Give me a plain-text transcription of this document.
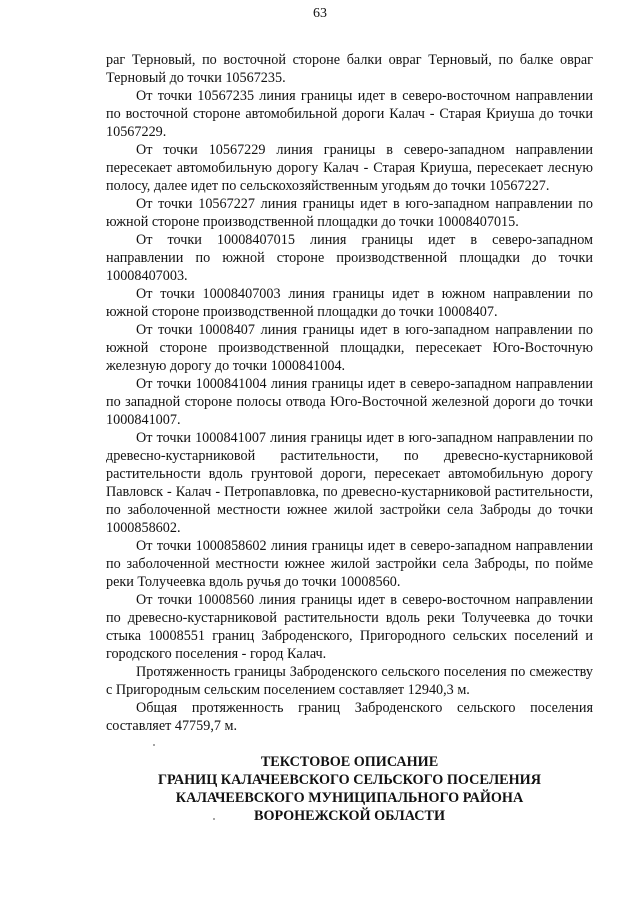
63

раг Терновый, по восточной стороне балки овраг Терновый, по балке овраг Терновый до точки 10567235.

От точки 10567235 линия границы идет в северо-восточном направлении по восточной стороне автомобильной дороги Калач - Старая Криуша до точки 10567229.

От точки 10567229 линия границы в северо-западном направлении пересекает автомобильную дорогу Калач - Старая Криуша, пересекает лесную полосу, далее идет по сельскохозяйственным угодьям до точки 10567227.

От точки 10567227 линия границы идет в юго-западном направлении по южной стороне производственной площадки до точки 10008407015.

От точки 10008407015 линия границы идет в северо-западном направлении по южной стороне производственной площадки до точки 10008407003.

От точки 10008407003 линия границы идет в южном направлении по южной стороне производственной площадки до точки 10008407.

От точки 10008407 линия границы идет в юго-западном направлении по южной стороне производственной площадки, пересекает Юго-Восточную железную дорогу до точки 1000841004.

От точки 1000841004 линия границы идет в северо-западном направлении по западной стороне полосы отвода Юго-Восточной железной дороги до точки 1000841007.

От точки 1000841007 линия границы идет в юго-западном направлении по древесно-кустарниковой растительности, по древесно-кустарниковой растительности вдоль грунтовой дороги, пересекает автомобильную дорогу Павловск - Калач - Петропавловка, по древесно-кустарниковой растительности, по заболоченной местности южнее жилой застройки села Заброды до точки 1000858602.

От точки 1000858602 линия границы идет в северо-западном направлении по заболоченной местности южнее жилой застройки села Заброды, по пойме реки Толучеевка вдоль ручья до точки 10008560.

От точки 10008560 линия границы идет в северо-восточном направлении по древесно-кустарниковой растительности вдоль реки Толучеевка до точки стыка 10008551 границ Заброденского, Пригородного сельских поселений и городского поселения - город Калач.

Протяженность границы Заброденского сельского поселения по смежеству с Пригородным сельским поселением составляет 12940,3 м.

Общая протяженность границ Заброденского сельского поселения составляет 47759,7 м.

ТЕКСТОВОЕ ОПИСАНИЕ
ГРАНИЦ КАЛАЧЕЕВСКОГО СЕЛЬСКОГО ПОСЕЛЕНИЯ
КАЛАЧЕЕВСКОГО МУНИЦИПАЛЬНОГО РАЙОНА
ВОРОНЕЖСКОЙ ОБЛАСТИ
